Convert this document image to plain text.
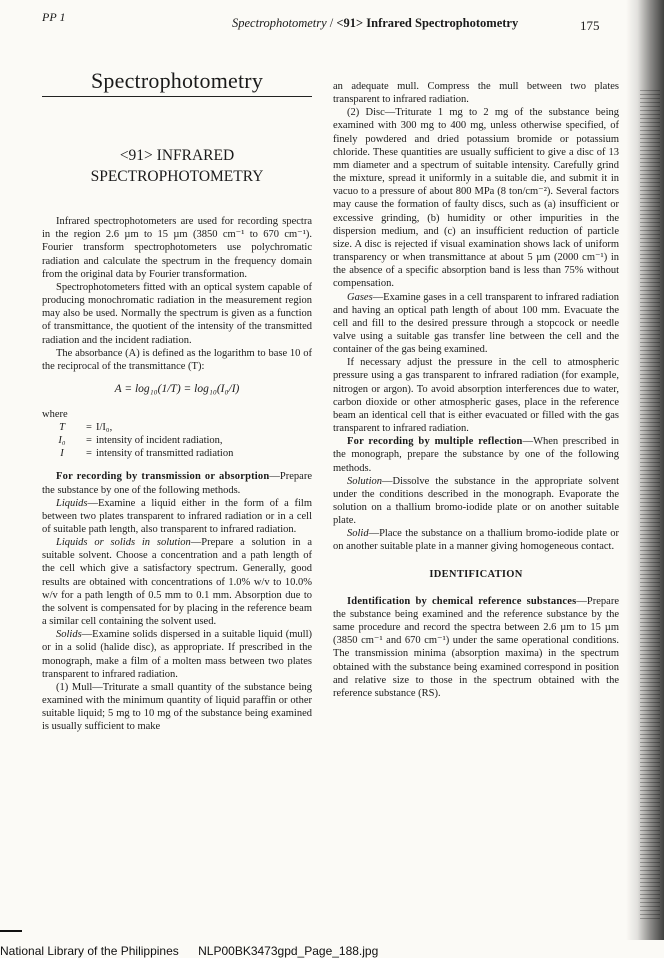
PP 1	Spectrophotometry / <91> Infrared Spectrophotometry	175
Spectrophotometry
<91> INFRARED
SPECTROPHOTOMETRY

Infrared spectrophotometers are used for recording spectra in the region 2.6 µm to 15 µm (3850 cm⁻¹ to 670 cm⁻¹). Fourier transform spectrophotometers use polychromatic radiation and calculate the spectrum in the frequency domain from the original data by Fourier transformation.

Spectrophotometers fitted with an optical system capable of producing monochromatic radiation in the measurement region may also be used. Normally the spectrum is given as a function of transmittance, the quotient of the intensity of the transmitted radiation and the incident radiation.

The absorbance (A) is defined as the logarithm to base 10 of the reciprocal of the transmittance (T):

A = log₁₀(1/T) = log₁₀(I₀/I)

where

T	= I/I₀,
I₀	= intensity of incident radiation,
I	= intensity of transmitted radiation

For recording by transmission or absorption—Prepare the substance by one of the following methods.

Liquids—Examine a liquid either in the form of a film between two plates transparent to infrared radiation or in a cell of suitable path length, also transparent to infrared radiation.

Liquids or solids in solution—Prepare a solution in a suitable solvent. Choose a concentration and a path length of the cell which give a satisfactory spectrum. Generally, good results are obtained with concentrations of 1.0% w/v to 10.0% w/v for a path length of 0.5 mm to 0.1 mm. Absorption due to the solvent is compensated for by placing in the reference beam a similar cell containing the solvent used.

Solids—Examine solids dispersed in a suitable liquid (mull) or in a solid (halide disc), as appropriate. If prescribed in the monograph, make a film of a molten mass between two plates transparent to infrared radiation.

(1) Mull—Triturate a small quantity of the substance being examined with the minimum quantity of liquid paraffin or other suitable liquid; 5 mg to 10 mg of the substance being examined is usually sufficient to make

an adequate mull. Compress the mull between two plates transparent to infrared radiation.

(2) Disc—Triturate 1 mg to 2 mg of the substance being examined with 300 mg to 400 mg, unless otherwise specified, of finely powdered and dried potassium bromide or potassium chloride. These quantities are usually sufficient to give a disc of 13 mm diameter and a spectrum of suitable intensity. Carefully grind the mixture, spread it uniformly in a suitable die, and submit it in vacuo to a pressure of about 800 MPa (8 ton/cm⁻²). Several factors may cause the formation of faulty discs, such as (a) insufficient or excessive grinding, (b) humidity or other impurities in the dispersion medium, and (c) an insufficient reduction of particle size. A disc is rejected if visual examination shows lack of uniform transparency or when transmittance at about 5 µm (2000 cm⁻¹) in the absence of a specific absorption band is less than 75% without compensation.

Gases—Examine gases in a cell transparent to infrared radiation and having an optical path length of about 100 mm. Evacuate the cell and fill to the desired pressure through a stopcock or needle valve using a suitable gas transfer line between the cell and the container of the gas being examined.

If necessary adjust the pressure in the cell to atmospheric pressure using a gas transparent to infrared radiation (for example, nitrogen or argon). To avoid absorption interferences due to water, carbon dioxide or other atmospheric gases, place in the reference beam an identical cell that is either evacuated or filled with the gas transparent to infrared radiation.

For recording by multiple reflection—When prescribed in the monograph, prepare the substance by one of the following methods.

Solution—Dissolve the substance in the appropriate solvent under the conditions described in the monograph. Evaporate the solution on a thallium bromo-iodide plate or on another suitable plate.

Solid—Place the substance on a thallium bromo-iodide plate or on another suitable plate in a manner giving homogeneous contact.

IDENTIFICATION

Identification by chemical reference substances—Prepare the substance being examined and the reference substance by the same procedure and record the spectra between 2.6 µm to 15 µm (3850 cm⁻¹ and 670 cm⁻¹) under the same operational conditions. The transmission minima (absorption maxima) in the spectrum obtained with the substance being examined correspond in position and relative size to those in the spectrum obtained with the reference substance (RS).

National Library of the Philippines NLP00BK3473gpd_Page_188.jpg
